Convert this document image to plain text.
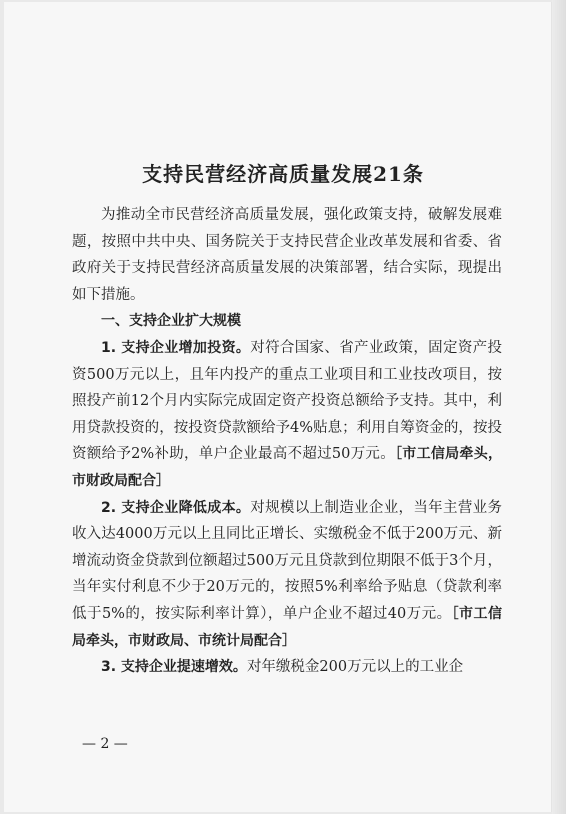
支持民营经济高质量发展21条

为推动全市民营经济高质量发展，强化政策支持，破解发展难题，按照中共中央、国务院关于支持民营企业改革发展和省委、省政府关于支持民营经济高质量发展的决策部署，结合实际，现提出如下措施。

一、支持企业扩大规模

1. 支持企业增加投资。对符合国家、省产业政策，固定资产投资500万元以上，且年内投产的重点工业项目和工业技改项目，按照投产前12个月内实际完成固定资产投资总额给予支持。其中，利用贷款投资的，按投资贷款额给予4%贴息；利用自筹资金的，按投资额给予2%补助，单户企业最高不超过50万元。［市工信局牵头，市财政局配合］

2. 支持企业降低成本。对规模以上制造业企业，当年主营业务收入达4000万元以上且同比正增长、实缴税金不低于200万元、新增流动资金贷款到位额超过500万元且贷款到位期限不低于3个月，当年实付利息不少于20万元的，按照5%利率给予贴息（贷款利率低于5%的，按实际利率计算），单户企业不超过40万元。［市工信局牵头，市财政局、市统计局配合］

3. 支持企业提速增效。对年缴税金200万元以上的工业企

— 2 —
